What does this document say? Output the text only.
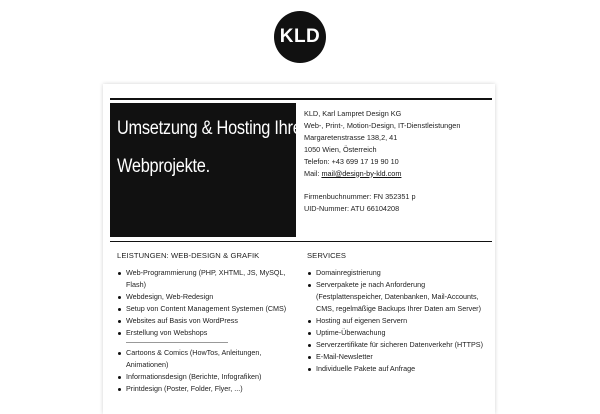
KLD
Umsetzung & Hosting Ihrer
Webprojekte.
KLD, Karl Lampret Design KG
Web-, Print-, Motion-Design, IT-Dienstleistungen
Margaretenstrasse 138,2, 41
1050 Wien, Österreich
Telefon: +43 699 17 19 90 10
Mail: mail@design-by-kld.com
Firmenbuchnummer: FN 352351 p
UID-Nummer: ATU 66104208
LEISTUNGEN: WEB-DESIGN & GRAFIK
Web-Programmierung (PHP, XHTML, JS, MySQL, Flash)
Webdesign, Web-Redesign
Setup von Content Management Systemen (CMS)
Websites auf Basis von WordPress
Erstellung von Webshops
Cartoons & Comics (HowTos, Anleitungen, Animationen)
Informationsdesign (Berichte, Infografiken)
Printdesign (Poster, Folder, Flyer, ...)
SERVICES
Domainregistrierung
Serverpakete je nach Anforderung (Festplattenspeicher, Datenbanken, Mail-Accounts, CMS, regelmäßige Backups Ihrer Daten am Server)
Hosting auf eigenen Servern
Uptime-Überwachung
Serverzertifikate für sicheren Datenverkehr (HTTPS)
E-Mail-Newsletter
Individuelle Pakete auf Anfrage
